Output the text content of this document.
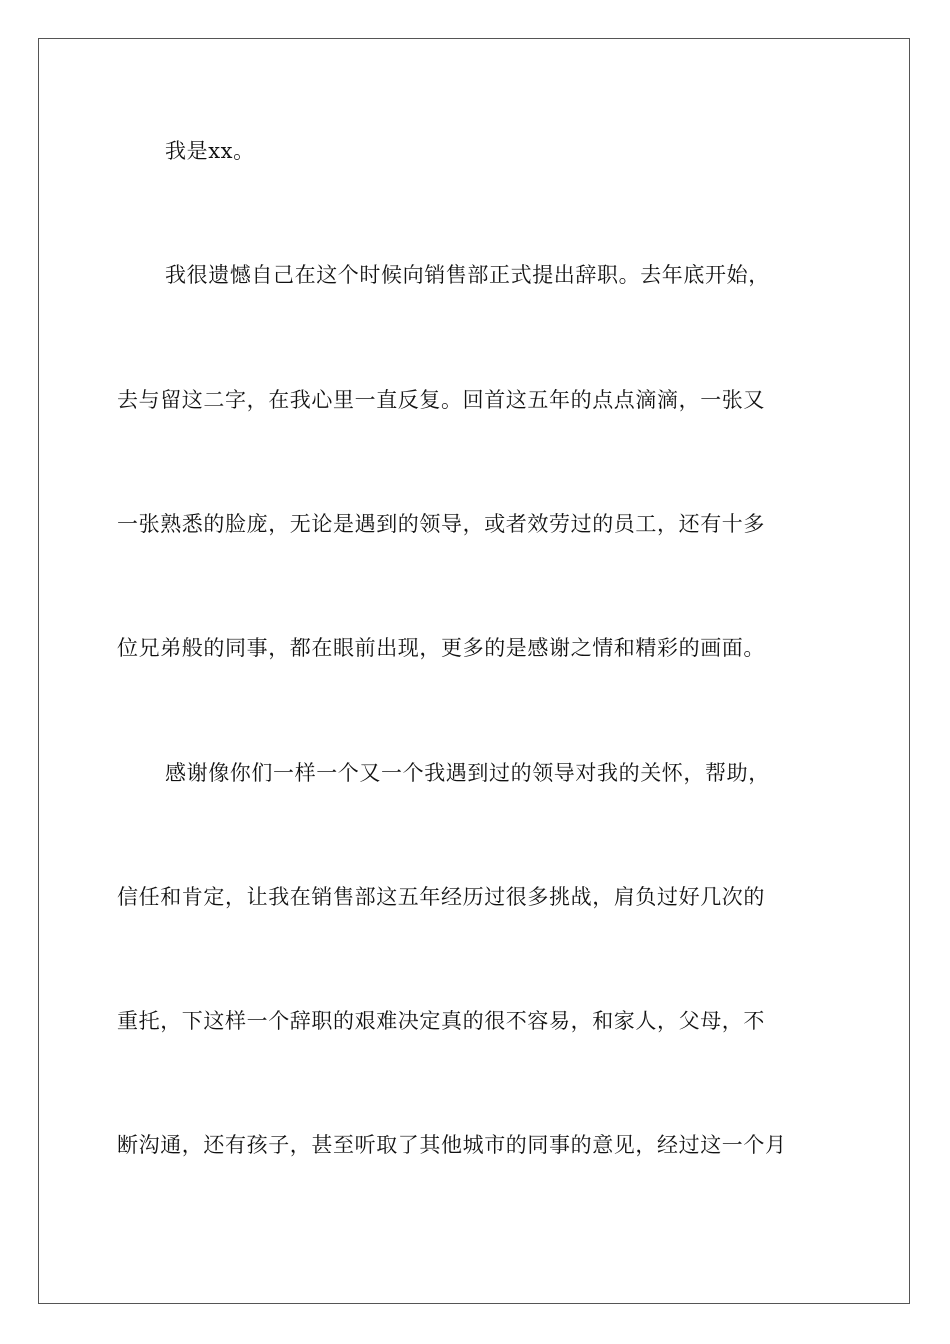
我是xx。
我很遗憾自己在这个时候向销售部正式提出辞职。去年底开始，
去与留这二字，在我心里一直反复。回首这五年的点点滴滴，一张又
一张熟悉的脸庞，无论是遇到的领导，或者效劳过的员工，还有十多
位兄弟般的同事，都在眼前出现，更多的是感谢之情和精彩的画面。
感谢像你们一样一个又一个我遇到过的领导对我的关怀，帮助，
信任和肯定，让我在销售部这五年经历过很多挑战，肩负过好几次的
重托，下这样一个辞职的艰难决定真的很不容易，和家人，父母，不
断沟通，还有孩子，甚至听取了其他城市的同事的意见，经过这一个月
